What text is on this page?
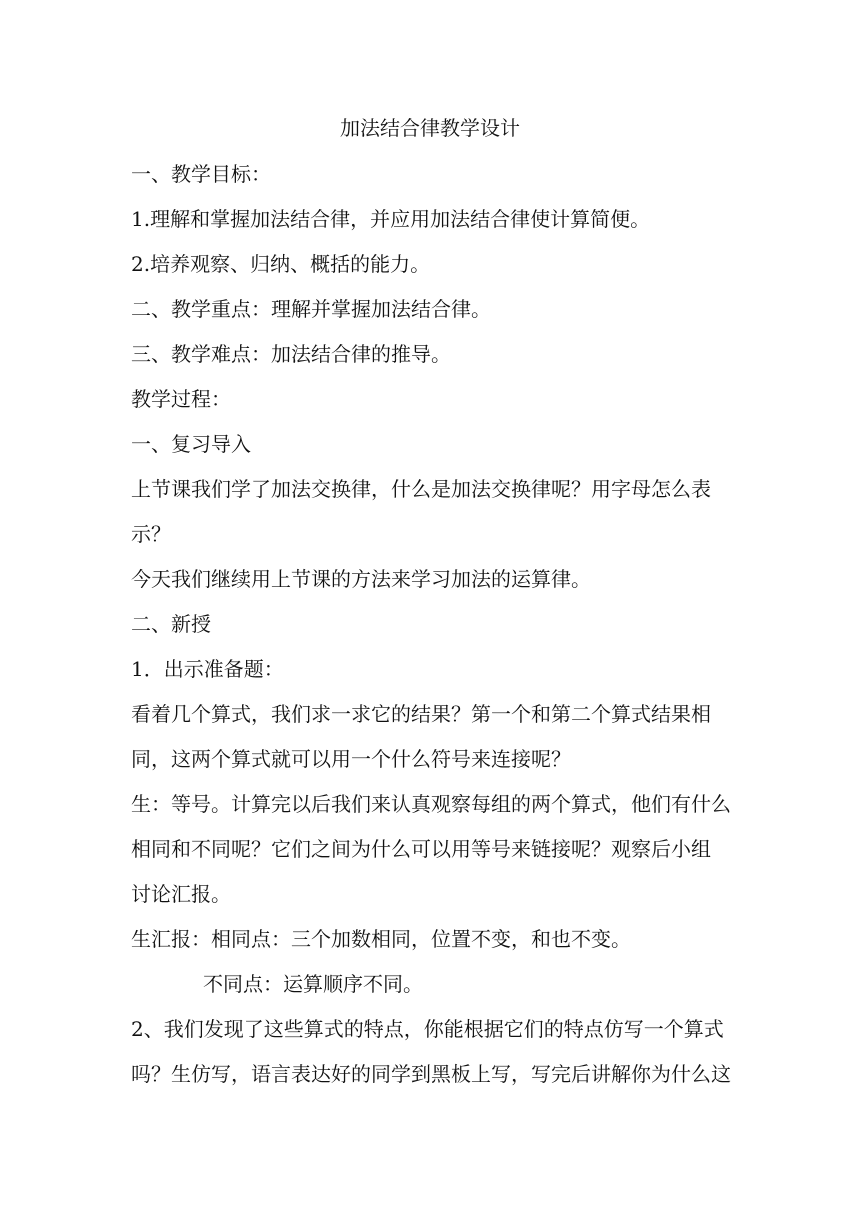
加法结合律教学设计

一、教学目标：

1.理解和掌握加法结合律，并应用加法结合律使计算简便。

2.培养观察、归纳、概括的能力。

二、教学重点：理解并掌握加法结合律。

三、教学难点：加法结合律的推导。

教学过程：

一、复习导入

上节课我们学了加法交换律，什么是加法交换律呢？用字母怎么表
示？

今天我们继续用上节课的方法来学习加法的运算律。

二、新授

1．出示准备题：

看着几个算式，我们求一求它的结果？第一个和第二个算式结果相
同，这两个算式就可以用一个什么符号来连接呢？

生：等号。计算完以后我们来认真观察每组的两个算式，他们有什么
相同和不同呢？它们之间为什么可以用等号来链接呢？观察后小组
讨论汇报。

生汇报：相同点：三个加数相同，位置不变，和也不变。

不同点：运算顺序不同。

2、我们发现了这些算式的特点，你能根据它们的特点仿写一个算式
吗？生仿写，语言表达好的同学到黑板上写，写完后讲解你为什么这
